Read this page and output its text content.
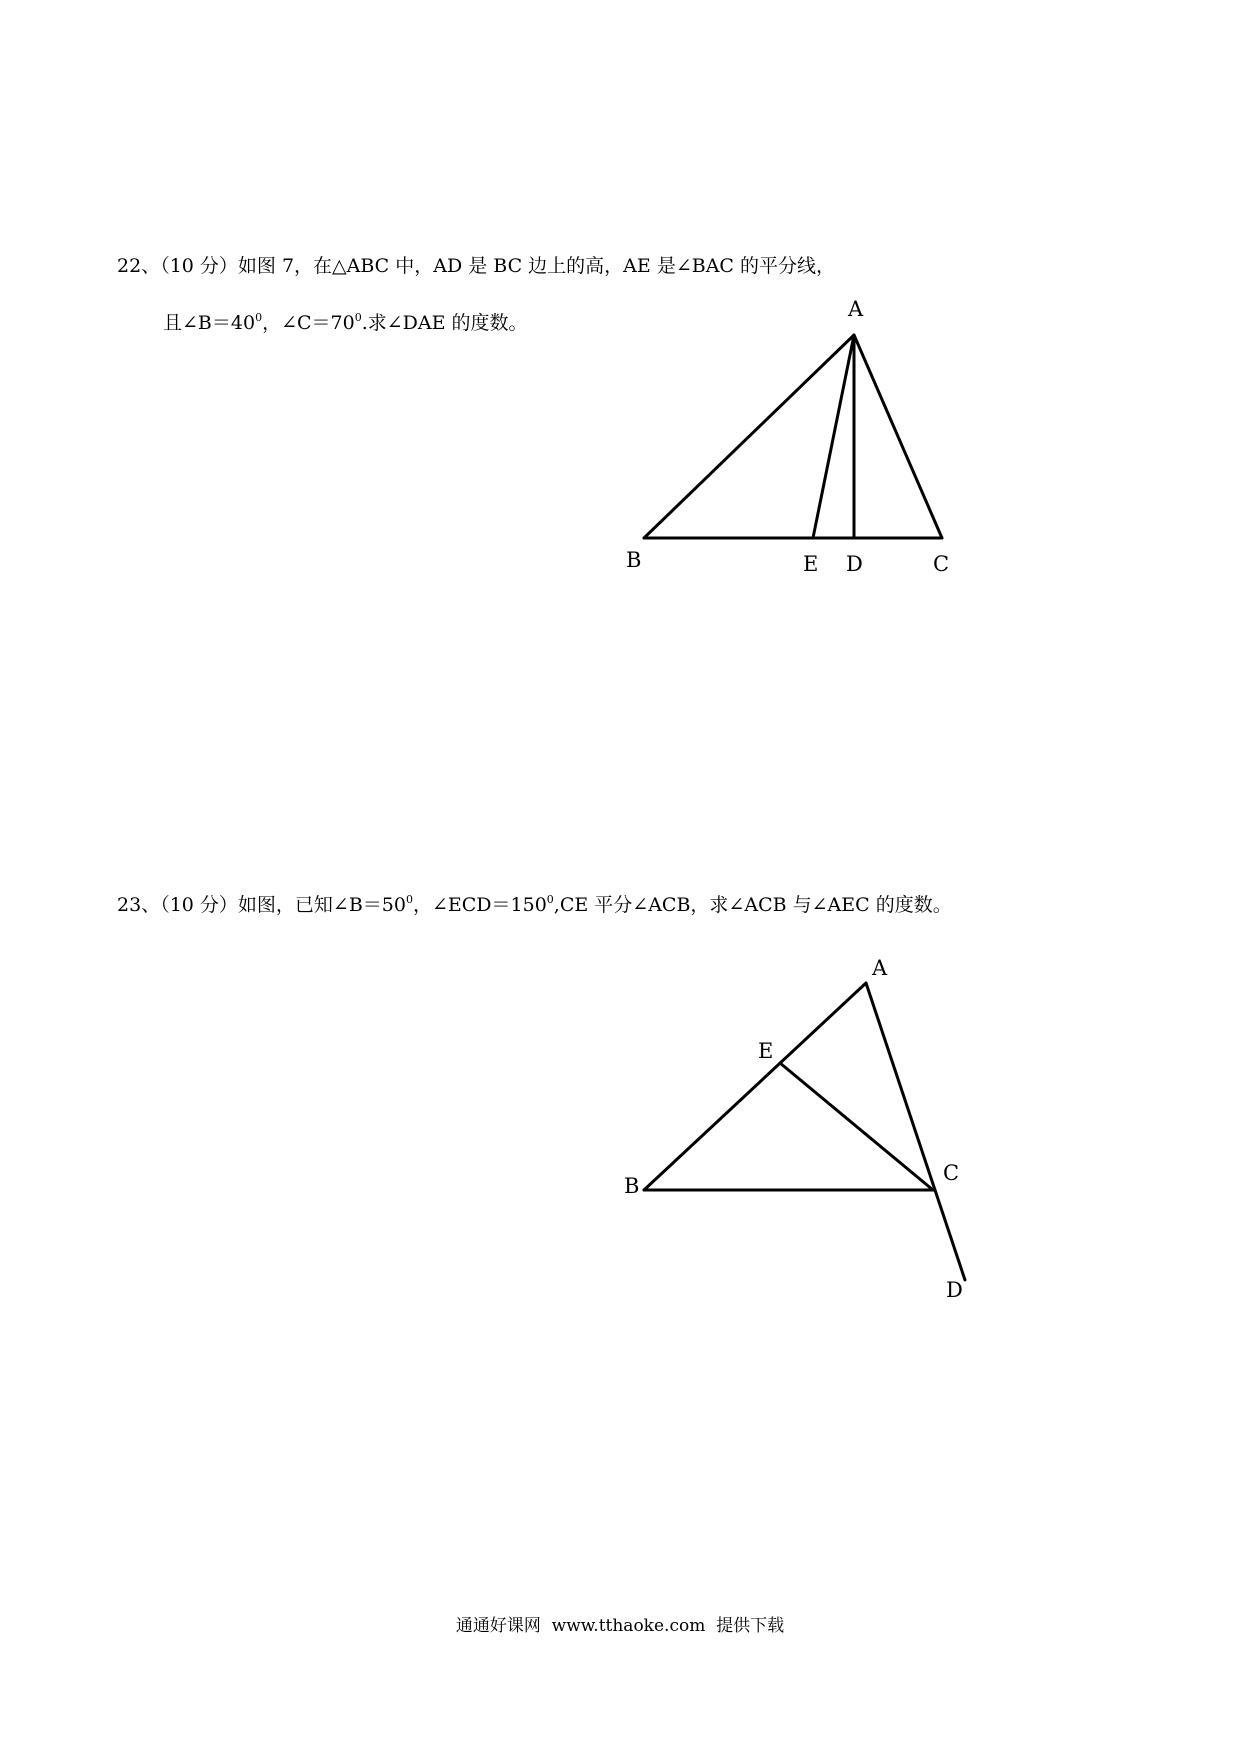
22、（10 分）如图 7，在△ABC 中，AD 是 BC 边上的高，AE 是∠BAC 的平分线，
且$\angle B=40^0$，$\angle C=70^0$.求∠DAE 的度数。
A
B	E D	C
23、（10 分）如图，已知$\angle B=50^0$，$\angle ECD=150^0,CE$ 平分∠ACB，求∠ACB 与∠AEC 的度数。
A
E
B
C
D
通通好课网 www.tthaoke.com 提供下载
